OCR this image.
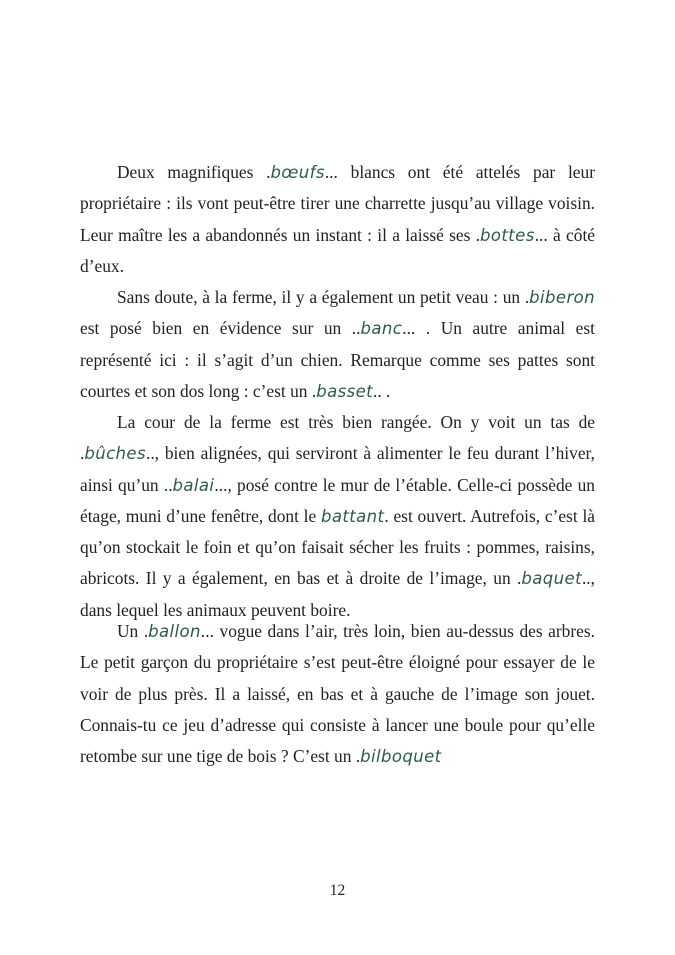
Deux magnifiques .bœufs... blancs ont été attelés par leur propriétaire : ils vont peut-être tirer une charrette jusqu’au village voisin. Leur maître les a abandonnés un instant : il a laissé ses .bottes... à côté d’eux.

Sans doute, à la ferme, il y a également un petit veau : un .biberon est posé bien en évidence sur un ..banc... . Un autre animal est représenté ici : il s’agit d’un chien. Remarque comme ses pattes sont courtes et son dos long : c’est un .basset.. .

La cour de la ferme est très bien rangée. On y voit un tas de .bûches.., bien alignées, qui serviront à alimenter le feu durant l’hiver, ainsi qu’un ..balai..., posé contre le mur de l’étable. Celle-ci possède un étage, muni d’une fenêtre, dont le battant. est ouvert. Autrefois, c’est là qu’on stockait le foin et qu’on faisait sécher les fruits : pommes, raisins, abricots. Il y a également, en bas et à droite de l’image, un .baquet.., dans lequel les animaux peuvent boire.

Un .ballon... vogue dans l’air, très loin, bien au-dessus des arbres. Le petit garçon du propriétaire s’est peut-être éloigné pour essayer de le voir de plus près. Il a laissé, en bas et à gauche de l’image son jouet. Connais-tu ce jeu d’adresse qui consiste à lancer une boule pour qu’elle retombe sur une tige de bois ? C’est un .bilboquet

12
